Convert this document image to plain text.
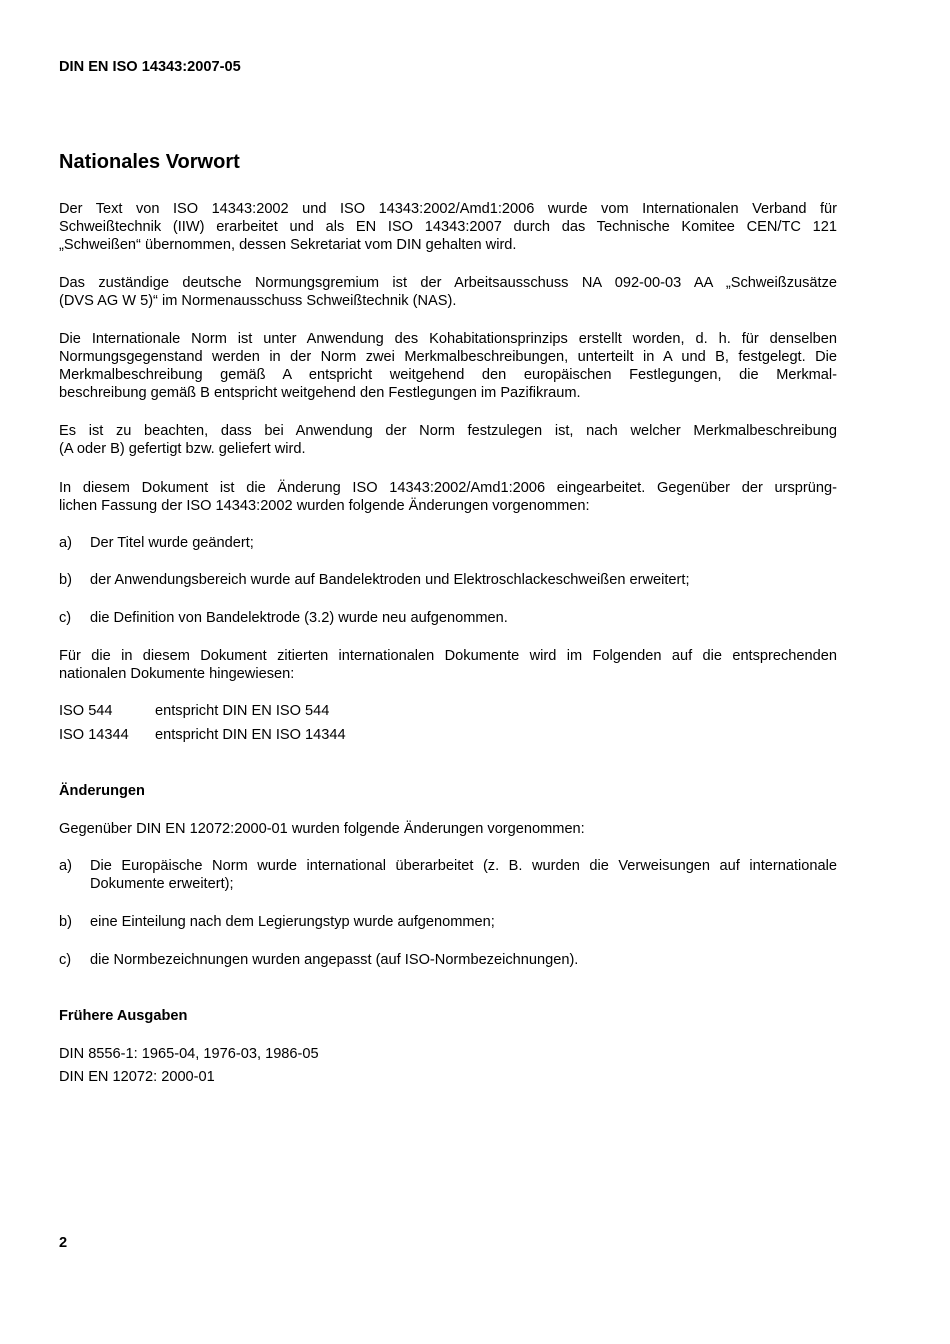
DIN EN ISO 14343:2007-05
Nationales Vorwort
Der Text von ISO 14343:2002 und ISO 14343:2002/Amd1:2006 wurde vom Internationalen Verband für
Schweißtechnik (IIW) erarbeitet und als EN ISO 14343:2007 durch das Technische Komitee CEN/TC 121
„Schweißen“ übernommen, dessen Sekretariat vom DIN gehalten wird.
Das zuständige deutsche Normungsgremium ist der Arbeitsausschuss NA 092-00-03 AA „Schweißzusätze
(DVS AG W 5)“ im Normenausschuss Schweißtechnik (NAS).
Die Internationale Norm ist unter Anwendung des Kohabitationsprinzips erstellt worden, d. h. für denselben
Normungsgegenstand werden in der Norm zwei Merkmalbeschreibungen, unterteilt in A und B, festgelegt. Die
Merkmalbeschreibung gemäß A entspricht weitgehend den europäischen Festlegungen, die Merkmal-
beschreibung gemäß B entspricht weitgehend den Festlegungen im Pazifikraum.
Es ist zu beachten, dass bei Anwendung der Norm festzulegen ist, nach welcher Merkmalbeschreibung
(A oder B) gefertigt bzw. geliefert wird.
In diesem Dokument ist die Änderung ISO 14343:2002/Amd1:2006 eingearbeitet. Gegenüber der ursprüng-
lichen Fassung der ISO 14343:2002 wurden folgende Änderungen vorgenommen:
a)	Der Titel wurde geändert;
b)	der Anwendungsbereich wurde auf Bandelektroden und Elektroschlackeschweißen erweitert;
c)	die Definition von Bandelektrode (3.2) wurde neu aufgenommen.
Für die in diesem Dokument zitierten internationalen Dokumente wird im Folgenden auf die entsprechenden
nationalen Dokumente hingewiesen:
ISO 544	entspricht DIN EN ISO 544
ISO 14344	entspricht DIN EN ISO 14344
Änderungen
Gegenüber DIN EN 12072:2000-01 wurden folgende Änderungen vorgenommen:
a)	Die Europäische Norm wurde international überarbeitet (z. B. wurden die Verweisungen auf internationale
Dokumente erweitert);
b)	eine Einteilung nach dem Legierungstyp wurde aufgenommen;
c)	die Normbezeichnungen wurden angepasst (auf ISO-Normbezeichnungen).
Frühere Ausgaben
DIN 8556-1: 1965-04, 1976-03, 1986-05
DIN EN 12072: 2000-01
2
